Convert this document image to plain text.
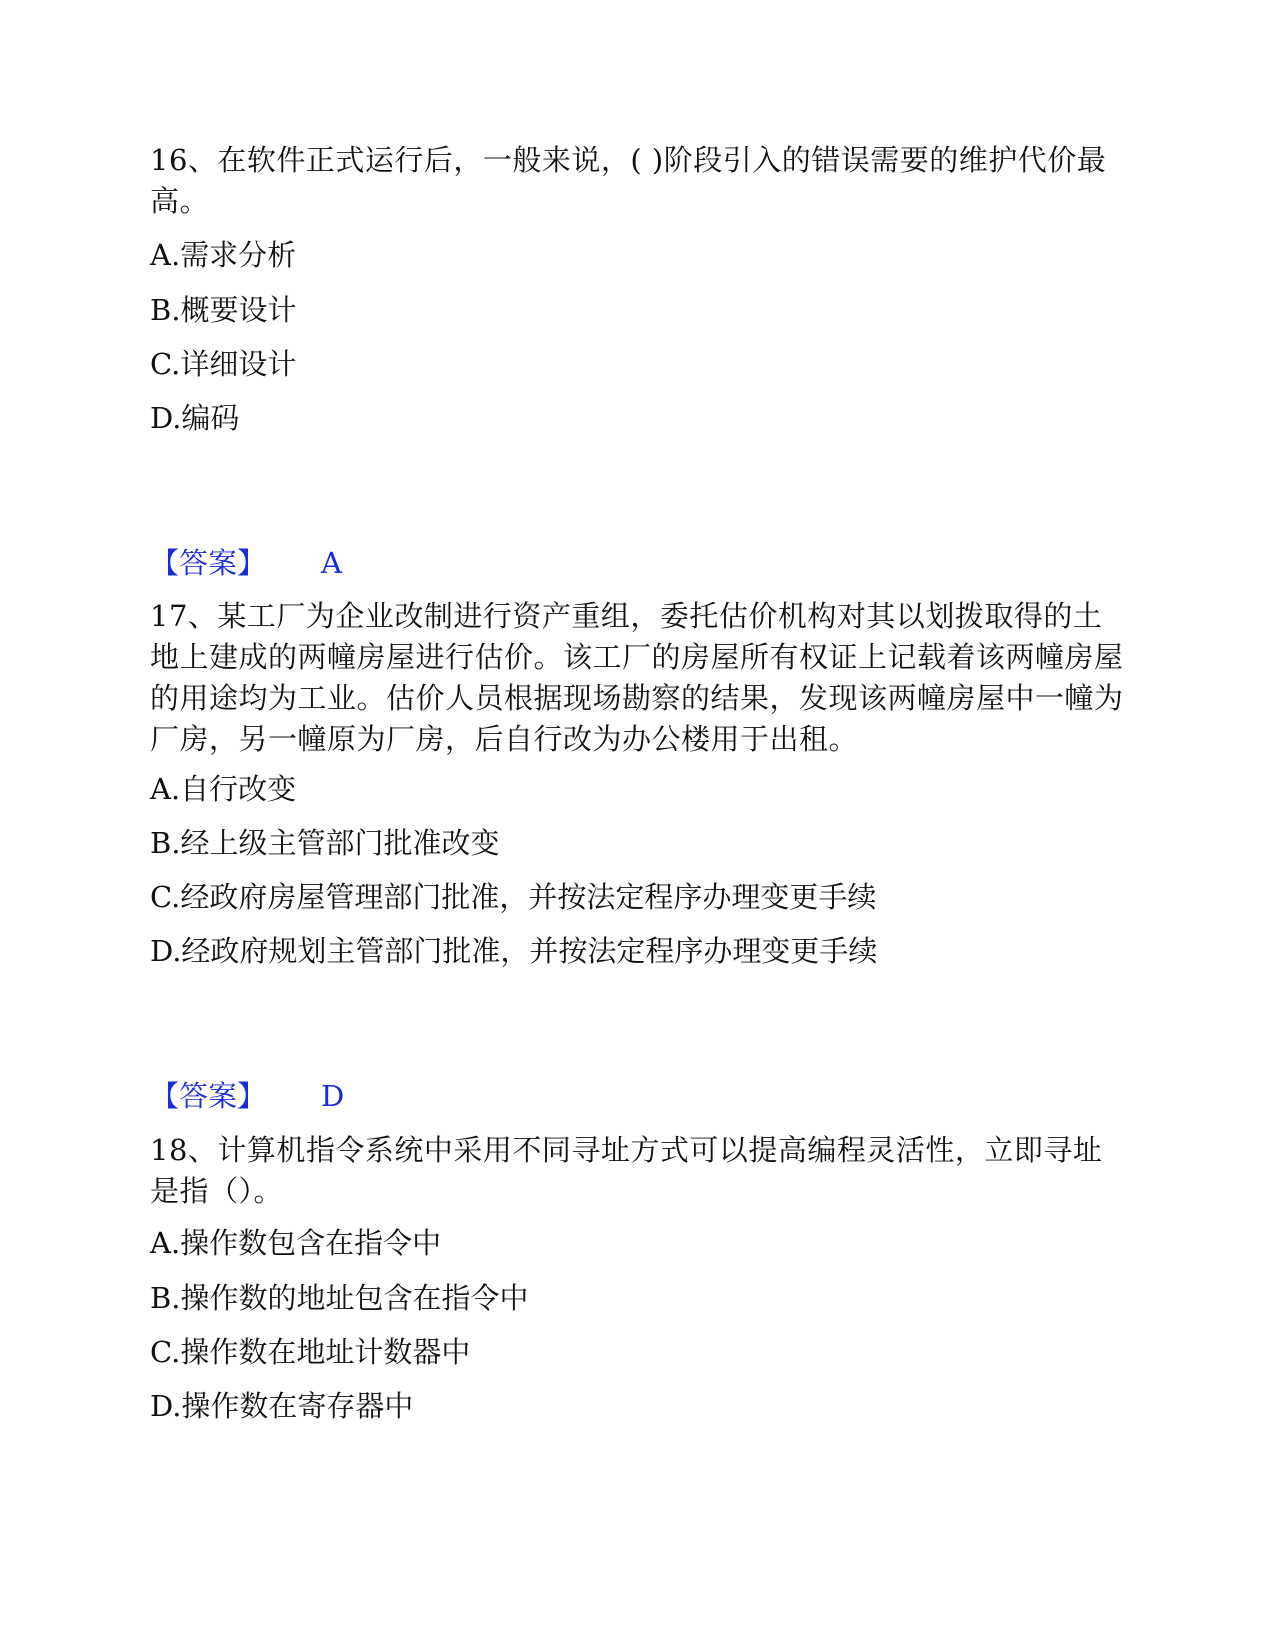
16、在软件正式运行后，一般来说，( )阶段引入的错误需要的维护代价最高。

A.需求分析
B.概要设计
C.详细设计
D.编码
【答案】 A

17、某工厂为企业改制进行资产重组，委托估价机构对其以划拨取得的土地上建成的两幢房屋进行估价。该工厂的房屋所有权证上记载着该两幢房屋的用途均为工业。估价人员根据现场勘察的结果，发现该两幢房屋中一幢为厂房，另一幢原为厂房，后自行改为办公楼用于出租。

A.自行改变
B.经上级主管部门批准改变
C.经政府房屋管理部门批准，并按法定程序办理变更手续
D.经政府规划主管部门批准，并按法定程序办理变更手续
【答案】 D

18、计算机指令系统中采用不同寻址方式可以提高编程灵活性，立即寻址是指（）。

A.操作数包含在指令中
B.操作数的地址包含在指令中
C.操作数在地址计数器中
D.操作数在寄存器中
